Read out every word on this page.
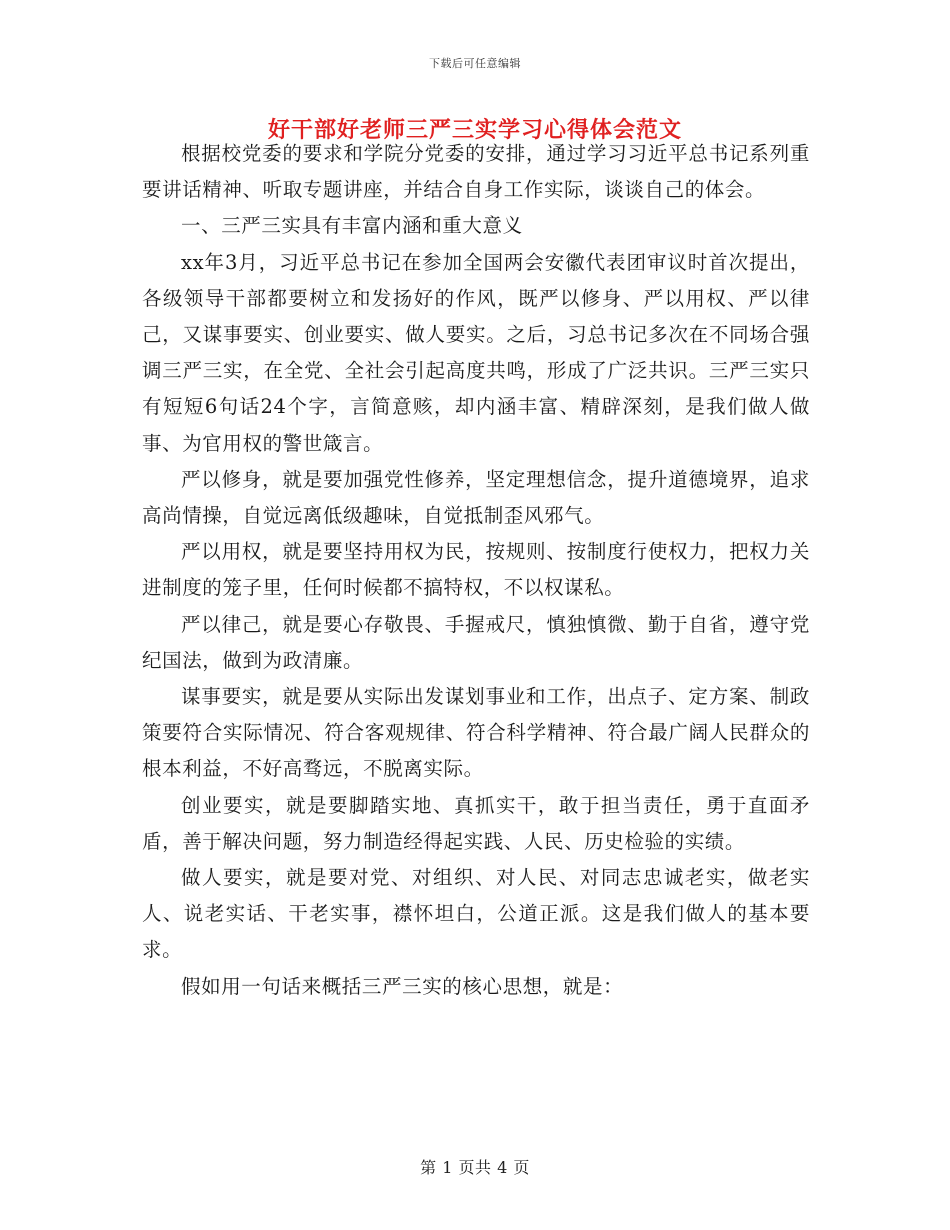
下载后可任意编辑
好干部好老师三严三实学习心得体会范文

根据校党委的要求和学院分党委的安排，通过学习习近平总书记系列重要讲话精神、听取专题讲座，并结合自身工作实际，谈谈自己的体会。

一、三严三实具有丰富内涵和重大意义

xx年3月，习近平总书记在参加全国两会安徽代表团审议时首次提出，各级领导干部都要树立和发扬好的作风，既严以修身、严以用权、严以律己，又谋事要实、创业要实、做人要实。之后，习总书记多次在不同场合强调三严三实，在全党、全社会引起高度共鸣，形成了广泛共识。三严三实只有短短6句话24个字，言简意赅，却内涵丰富、精辟深刻，是我们做人做事、为官用权的警世箴言。

严以修身，就是要加强党性修养，坚定理想信念，提升道德境界，追求高尚情操，自觉远离低级趣味，自觉抵制歪风邪气。

严以用权，就是要坚持用权为民，按规则、按制度行使权力，把权力关进制度的笼子里，任何时候都不搞特权，不以权谋私。

严以律己，就是要心存敬畏、手握戒尺，慎独慎微、勤于自省，遵守党纪国法，做到为政清廉。

谋事要实，就是要从实际出发谋划事业和工作，出点子、定方案、制政策要符合实际情况、符合客观规律、符合科学精神、符合最广阔人民群众的根本利益，不好高骛远，不脱离实际。

创业要实，就是要脚踏实地、真抓实干，敢于担当责任，勇于直面矛盾，善于解决问题，努力制造经得起实践、人民、历史检验的实绩。

做人要实，就是要对党、对组织、对人民、对同志忠诚老实，做老实人、说老实话、干老实事，襟怀坦白，公道正派。这是我们做人的基本要求。

假如用一句话来概括三严三实的核心思想，就是：

第 1 页共 4 页
